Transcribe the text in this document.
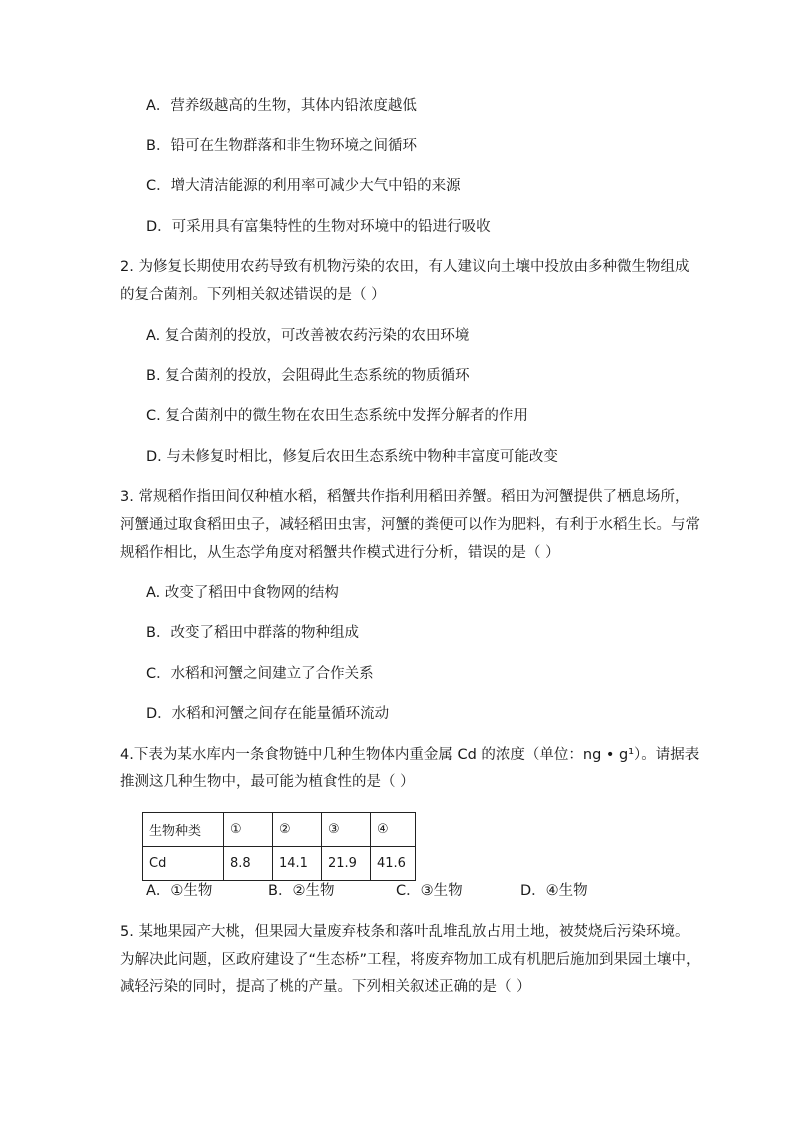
A．营养级越高的生物，其体内铅浓度越低
B．铅可在生物群落和非生物环境之间循环
C．增大清洁能源的利用率可减少大气中铅的来源
D．可采用具有富集特性的生物对环境中的铅进行吸收
2. 为修复长期使用农药导致有机物污染的农田，有人建议向土壤中投放由多种微生物组成
的复合菌剂。下列相关叙述错误的是（ ）
A. 复合菌剂的投放，可改善被农药污染的农田环境
B. 复合菌剂的投放，会阻碍此生态系统的物质循环
C. 复合菌剂中的微生物在农田生态系统中发挥分解者的作用
D. 与未修复时相比，修复后农田生态系统中物种丰富度可能改变
3. 常规稻作指田间仅种植水稻，稻蟹共作指利用稻田养蟹。稻田为河蟹提供了栖息场所，
河蟹通过取食稻田虫子，减轻稻田虫害，河蟹的粪便可以作为肥料，有利于水稻生长。与常
规稻作相比，从生态学角度对稻蟹共作模式进行分析，错误的是（ ）
A. 改变了稻田中食物网的结构
B．改变了稻田中群落的物种组成
C．水稻和河蟹之间建立了合作关系
D．水稻和河蟹之间存在能量循环流动
4.下表为某水库内一条食物链中几种生物体内重金属 Cd 的浓度（单位：ng • g¹）。请据表
推测这几种生物中，最可能为植食性的是（ ）
生物种类	①	②	③	④
Cd	8.8	14.1	21.9	41.6
A．①生物	B．②生物	C．③生物	D．④生物
5. 某地果园产大桃，但果园大量废弃枝条和落叶乱堆乱放占用土地，被焚烧后污染环境。
为解决此问题，区政府建设了“生态桥”工程，将废弃物加工成有机肥后施加到果园土壤中，
减轻污染的同时，提高了桃的产量。下列相关叙述正确的是（ ）
